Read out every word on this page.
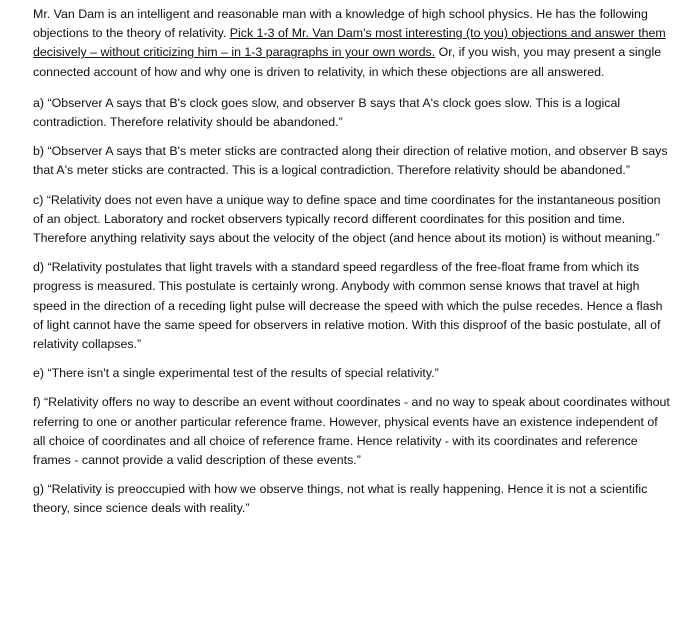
Mr. Van Dam is an intelligent and reasonable man with a knowledge of high school physics. He has the following objections to the theory of relativity. Pick 1-3 of Mr. Van Dam's most interesting (to you) objections and answer them decisively – without criticizing him – in 1-3 paragraphs in your own words. Or, if you wish, you may present a single connected account of how and why one is driven to relativity, in which these objections are all answered.

a) “Observer A says that B's clock goes slow, and observer B says that A's clock goes slow. This is a logical contradiction. Therefore relativity should be abandoned.”

b) “Observer A says that B's meter sticks are contracted along their direction of relative motion, and observer B says that A's meter sticks are contracted. This is a logical contradiction. Therefore relativity should be abandoned.”

c) “Relativity does not even have a unique way to define space and time coordinates for the instantaneous position of an object. Laboratory and rocket observers typically record different coordinates for this position and time. Therefore anything relativity says about the velocity of the object (and hence about its motion) is without meaning.”

d) “Relativity postulates that light travels with a standard speed regardless of the free-float frame from which its progress is measured. This postulate is certainly wrong. Anybody with common sense knows that travel at high speed in the direction of a receding light pulse will decrease the speed with which the pulse recedes. Hence a flash of light cannot have the same speed for observers in relative motion. With this disproof of the basic postulate, all of relativity collapses.”

e) “There isn't a single experimental test of the results of special relativity.”

f) “Relativity offers no way to describe an event without coordinates - and no way to speak about coordinates without referring to one or another particular reference frame. However, physical events have an existence independent of all choice of coordinates and all choice of reference frame. Hence relativity - with its coordinates and reference frames - cannot provide a valid description of these events.”

g) “Relativity is preoccupied with how we observe things, not what is really happening. Hence it is not a scientific theory, since science deals with reality.”
